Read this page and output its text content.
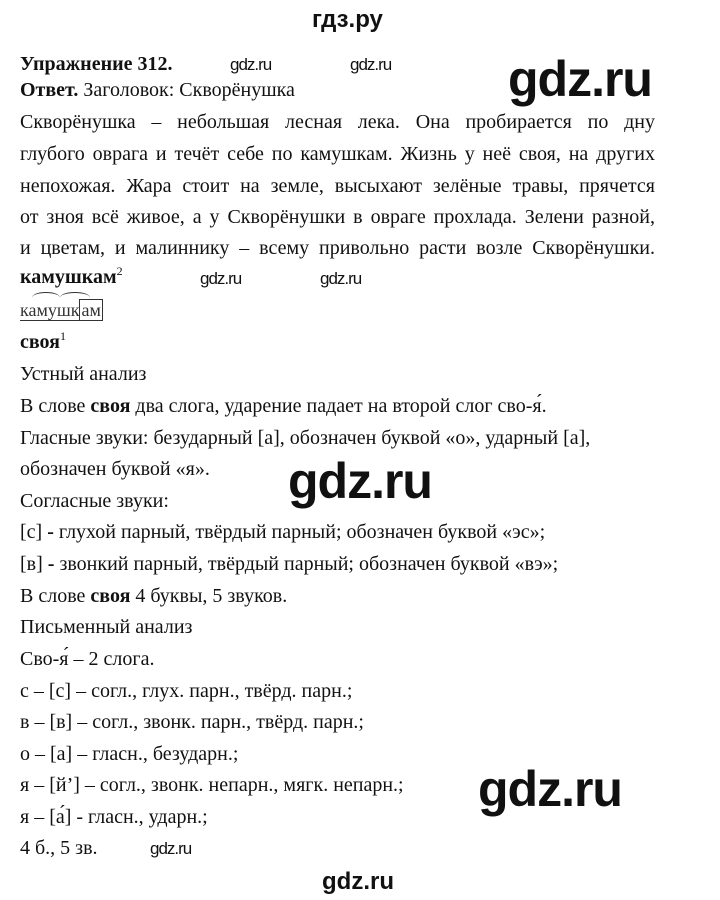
гдз.ру
Упражнение 312.
Ответ. Заголовок: Скворёнушка
Скворёнушка – небольшая лесная лека. Она пробирается по дну
глубого оврага и течёт себе по камушкам. Жизнь у неё своя, на других
непохожая. Жара стоит на земле, высыхают зелёные травы, прячется
от зноя всё живое, а у Скворёнушки в овраге прохлада. Зелени разной,
и цветам, и малиннику – всему привольно расти возле Скворёнушки.
камушкам$^2$
камушк ам
своя$^1$
Устный анализ
В слове своя два слога, ударение падает на второй слог сво-я́.
Гласные звуки: безударный [а], обозначен буквой «о», ударный [а],
обозначен буквой «я».
Согласные звуки:
[с] - глухой парный, твёрдый парный; обозначен буквой «эс»;
[в] - звонкий парный, твёрдый парный; обозначен буквой «вэ»;
В слове своя 4 буквы, 5 звуков.
Письменный анализ
Сво-я́ – 2 слога.
с – [с] – согл., глух. парн., твёрд. парн.;
в – [в] – согл., звонк. парн., твёрд. парн.;
о – [а] – гласн., безударн.;
я – [й’] – согл., звонк. непарн., мягк. непарн.;
я – [а́] - гласн., ударн.;
4 б., 5 зв.
gdz.ru
gdz.ru
gdz.ru
gdz.ru	gdz.ru
gdz.ru	gdz.ru
gdz.ru
gdz.ru
